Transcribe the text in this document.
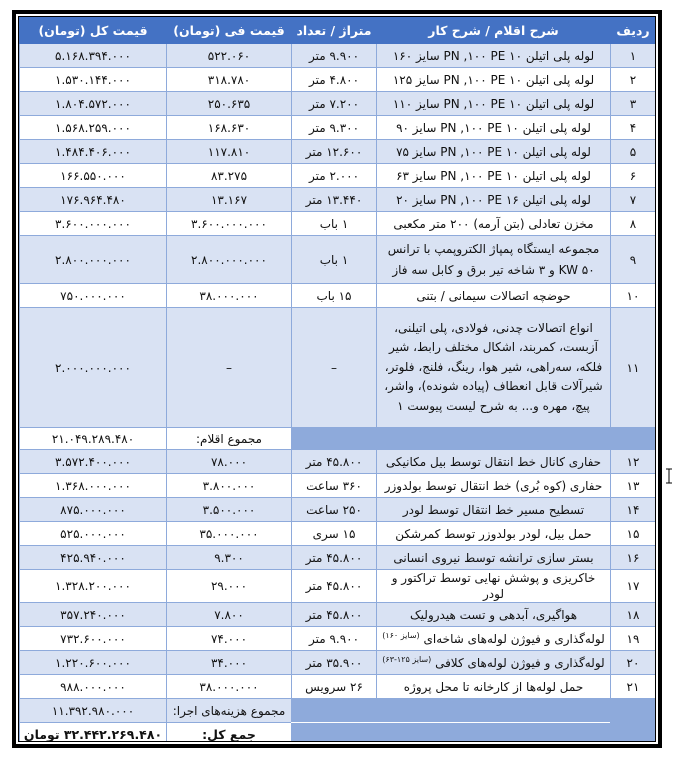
ردیف	شرح اقلام / شرح کار	متراژ / تعداد	قیمت فی (تومان)	قیمت کل (تومان)
۱	لوله پلی اتیلن ۱۰ PN ,۱۰۰ PE سایز ۱۶۰	۹.۹۰۰ متر	۵۲۲.۰۶۰	۵.۱۶۸.۳۹۴.۰۰۰
۲	لوله پلی اتیلن ۱۰ PN ,۱۰۰ PE سایز ۱۲۵	۴.۸۰۰ متر	۳۱۸.۷۸۰	۱.۵۳۰.۱۴۴.۰۰۰
۳	لوله پلی اتیلن ۱۰ PN ,۱۰۰ PE سایز ۱۱۰	۷.۲۰۰ متر	۲۵۰.۶۳۵	۱.۸۰۴.۵۷۲.۰۰۰
۴	لوله پلی اتیلن ۱۰ PN ,۱۰۰ PE سایز ۹۰	۹.۳۰۰ متر	۱۶۸.۶۳۰	۱.۵۶۸.۲۵۹.۰۰۰
۵	لوله پلی اتیلن ۱۰ PN ,۱۰۰ PE سایز ۷۵	۱۲.۶۰۰ متر	۱۱۷.۸۱۰	۱.۴۸۴.۴۰۶.۰۰۰
۶	لوله پلی اتیلن ۱۰ PN ,۱۰۰ PE سایز ۶۳	۲.۰۰۰ متر	۸۳.۲۷۵	۱۶۶.۵۵۰.۰۰۰
۷	لوله پلی اتیلن ۱۶ PN ,۱۰۰ PE سایز ۲۰	۱۳.۴۴۰ متر	۱۳.۱۶۷	۱۷۶.۹۶۴.۴۸۰
۸	مخزن تعادلی (بتن آرمه) ۲۰۰ متر مکعبی	۱ باب	۳.۶۰۰.۰۰۰.۰۰۰	۳.۶۰۰.۰۰۰.۰۰۰
۹	مجموعه ایستگاه پمپاژ الکتروپمپ با ترانس ۵۰ KW و ۳ شاخه تیر برق و کابل سه فاز	۱ باب	۲.۸۰۰.۰۰۰.۰۰۰	۲.۸۰۰.۰۰۰.۰۰۰
۱۰	حوضچه اتصالات سیمانی / بتنی	۱۵ باب	۳۸.۰۰۰.۰۰۰	۷۵۰.۰۰۰.۰۰۰
۱۱	انواع اتصالات چدنی، فولادی، پلی اتیلنی، آزبست، کمربند، اشکال مختلف رابط، شیر فلکه، سه‌راهی، شیر هوا، رینگ، فلنج، فلوتر، شیرآلات قابل انعطاف (پیاده شونده)، واشر، پیچ، مهره و... به شرح لیست پیوست ۱	–	–	۲.۰۰۰.۰۰۰.۰۰۰
			مجموع اقلام:	۲۱.۰۴۹.۲۸۹.۴۸۰
۱۲	حفاری کانال خط انتقال توسط بیل مکانیکی	۴۵.۸۰۰ متر	۷۸.۰۰۰	۳.۵۷۲.۴۰۰.۰۰۰
۱۳	حفاری (کوه بُری) خط انتقال توسط بولدوزر	۳۶۰ ساعت	۳.۸۰۰.۰۰۰	۱.۳۶۸.۰۰۰.۰۰۰
۱۴	تسطیح مسیر خط انتقال توسط لودر	۲۵۰ ساعت	۳.۵۰۰.۰۰۰	۸۷۵.۰۰۰.۰۰۰
۱۵	حمل بیل، لودر بولدوزر توسط کمرشکن	۱۵ سری	۳۵.۰۰۰.۰۰۰	۵۲۵.۰۰۰.۰۰۰
۱۶	بستر سازی ترانشه توسط نیروی انسانی	۴۵.۸۰۰ متر	۹.۳۰۰	۴۲۵.۹۴۰.۰۰۰
۱۷	خاکریزی و پوشش نهایی توسط تراکتور و لودر	۴۵.۸۰۰ متر	۲۹.۰۰۰	۱.۳۲۸.۲۰۰.۰۰۰
۱۸	هواگیری، آبدهی و تست هیدرولیک	۴۵.۸۰۰ متر	۷.۸۰۰	۳۵۷.۲۴۰.۰۰۰
۱۹	لوله‌گذاری و فیوژن لوله‌های شاخه‌ای $^{(سایز ۱۶۰)}$	۹.۹۰۰ متر	۷۴.۰۰۰	۷۳۲.۶۰۰.۰۰۰
۲۰	لوله‌گذاری و فیوژن لوله‌های کلافی $^{(سایز ۱۲۵-۶۳)}$	۳۵.۹۰۰ متر	۳۴.۰۰۰	۱.۲۲۰.۶۰۰.۰۰۰
۲۱	حمل لوله‌ها از کارخانه تا محل پروژه	۲۶ سرویس	۳۸.۰۰۰.۰۰۰	۹۸۸.۰۰۰.۰۰۰
			مجموع هزینه‌های اجرا:	۱۱.۳۹۲.۹۸۰.۰۰۰
			جمع کل:	۳۲.۴۴۲.۲۶۹.۴۸۰ تومان
